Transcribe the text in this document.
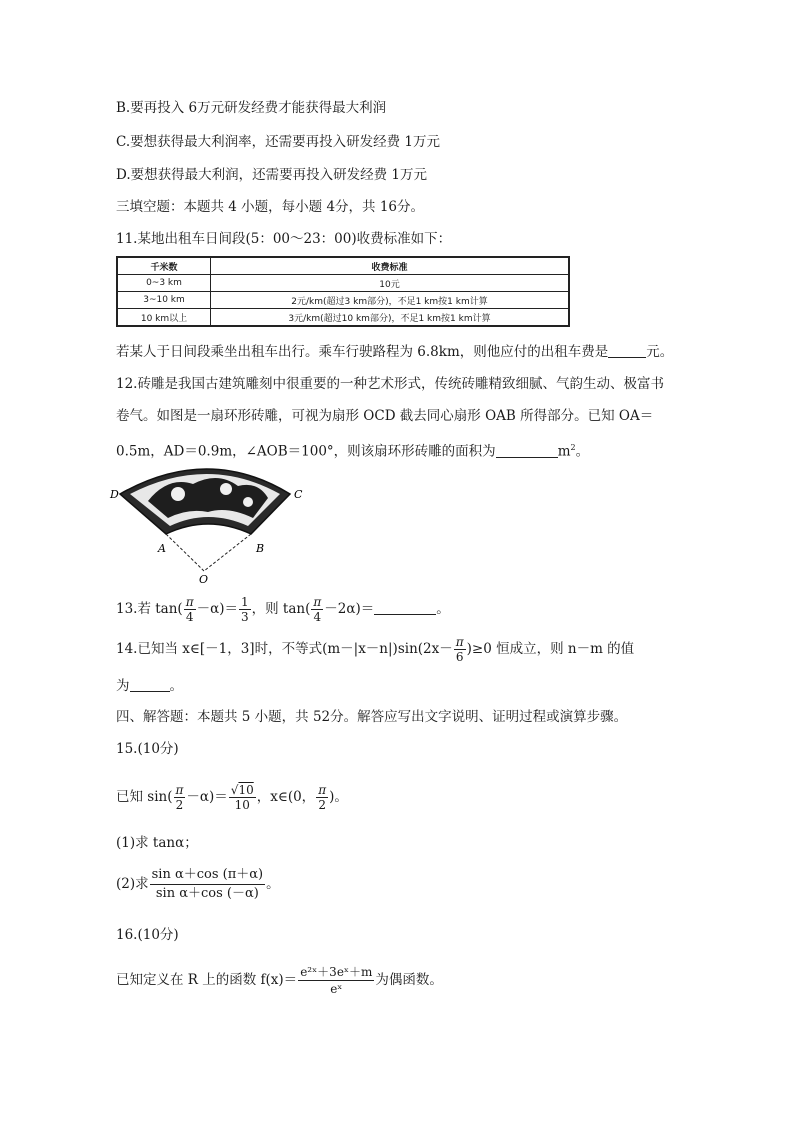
B.要再投入 6万元研发经费才能获得最大利润
C.要想获得最大利润率，还需要再投入研发经费 1万元
D.要想获得最大利润，还需要再投入研发经费 1万元
三填空题：本题共 4 小题，每小题 4分，共 16分。
11.某地出租车日间段(5：00～23：00)收费标准如下：
千米数	收费标准
0~3 km	10元
3~10 km	2元/km(超过3 km部分)，不足1 km按1 km计算
10 km以上	3元/km(超过10 km部分)，不足1 km按1 km计算
若某人于日间段乘坐出租车出行。乘车行驶路程为 6.8km，则他应付的出租车费是	元。
12.砖雕是我国古建筑雕刻中很重要的一种艺术形式，传统砖雕精致细腻、气韵生动、极富书
卷气。如图是一扇环形砖雕，可视为扇形 OCD 截去同心扇形 OAB 所得部分。已知 OA＝
0.5m，AD＝0.9m，∠AOB＝100°，则该扇环形砖雕的面积为	$m^2$。
D	C
A	B
O
13.若 $\tan( \frac{\pi}{4} -\alpha)= \frac{1}{3}$ ，则 $\tan( \frac{\pi}{4} -2\alpha)=$	。
14.已知当 x∈[－1，3]时，不等式$(m-|x-n|)\sin(2x- \frac{\pi}{6} )\ge 0$ 恒成立，则 n－m 的值
为	。
四、解答题：本题共 5 小题，共 52分。解答应写出文字说明、证明过程或演算步骤。
15.(10分)
已知 $\sin( \frac{\pi}{2} -\alpha)= \frac{√10}{10}$ ，x∈(0， $\frac{\pi}{2}$ )。
(1)求 tanα；
(2)求 $\frac{\text{sin α＋cos (π＋α)}}{\text{sin α＋cos (－α)}}$ 。
16.(10分)
已知定义在 R 上的函数 $f(x)= \frac{\text{e²ˣ＋3eˣ＋m}}{\text{eˣ}}$ 为偶函数。
